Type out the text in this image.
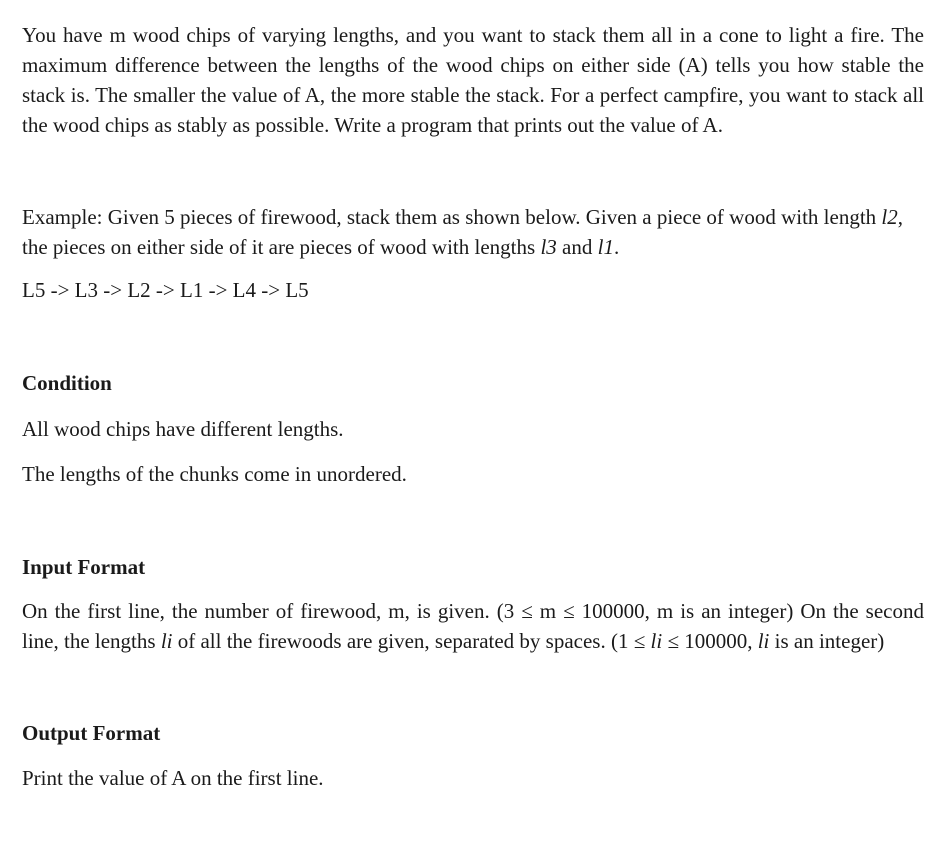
You have m wood chips of varying lengths, and you want to stack them all in a cone to light a fire. The maximum difference between the lengths of the wood chips on either side (A) tells you how stable the stack is. The smaller the value of A, the more stable the stack. For a perfect campfire, you want to stack all the wood chips as stably as possible. Write a program that prints out the value of A.

Example: Given 5 pieces of firewood, stack them as shown below. Given a piece of wood with length l2, the pieces on either side of it are pieces of wood with lengths l3 and l1.

L5 -> L3 -> L2 -> L1 -> L4 -> L5

Condition

All wood chips have different lengths.

The lengths of the chunks come in unordered.

Input Format

On the first line, the number of firewood, m, is given. (3 ≤ m ≤ 100000, m is an integer) On the second line, the lengths li of all the firewoods are given, separated by spaces. (1 ≤ li ≤ 100000, li is an integer)

Output Format

Print the value of A on the first line.
